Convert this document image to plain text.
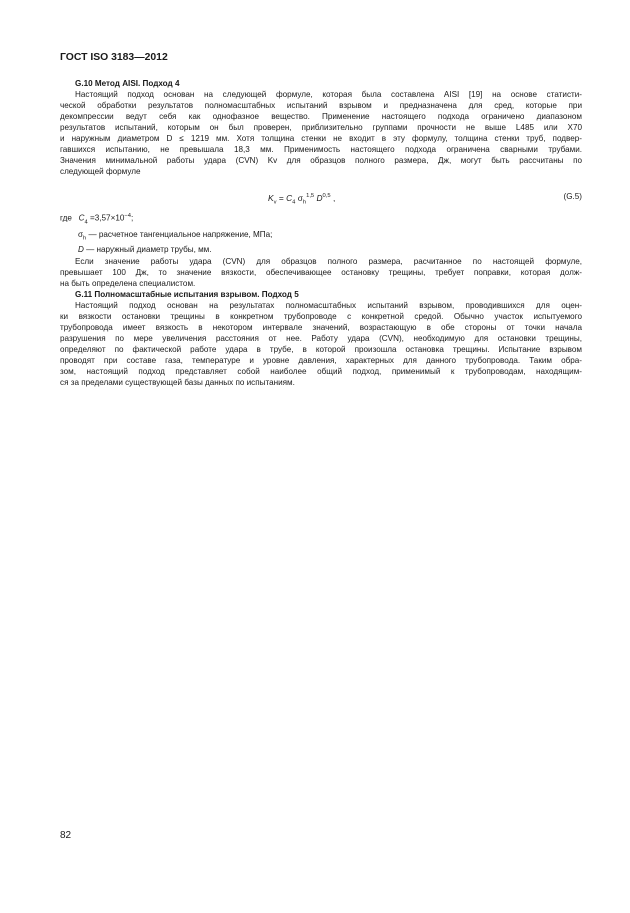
ГОСТ ISO 3183—2012
G.10 Метод AISI. Подход 4
Настоящий подход основан на следующей формуле, которая была составлена AISI [19] на основе статисти-
ческой обработки результатов полномасштабных испытаний взрывом и предназначена для сред, которые при
декомпрессии ведут себя как однофазное вещество. Применение настоящего подхода ограничено диапазоном
результатов испытаний, которым он был проверен, приблизительно группами прочности не выше L485 или X70
и наружным диаметром D ≤ 1219 мм. Хотя толщина стенки не входит в эту формулу, толщина стенки труб, подвер-
гавшихся испытанию, не превышала 18,3 мм. Применимость настоящего подхода ограничена сварными трубами.
Значения минимальной работы удара (CVN) Kv для образцов полного размера, Дж, могут быть рассчитаны по
следующей формуле
$K_v = C_4$ $\sigma_h^{1,5}$ D$^{0,5}$ ,	(G.5)
где $C_4 =3,57\times 10^{-4}$;
$\sigma_h$ — расчетное тангенциальное напряжение, МПа;
D — наружный диаметр трубы, мм.
Если значение работы удара (CVN) для образцов полного размера, расчитанное по настоящей формуле,
превышает 100 Дж, то значение вязкости, обеспечивающее остановку трещины, требует поправки, которая долж-
на быть определена специалистом.
G.11 Полномасштабные испытания взрывом. Подход 5
Настоящий подход основан на результатах полномасштабных испытаний взрывом, проводившихся для оцен-
ки вязкости остановки трещины в конкретном трубопроводе с конкретной средой. Обычно участок испытуемого
трубопровода имеет вязкость в некотором интервале значений, возрастающую в обе стороны от точки начала
разрушения по мере увеличения расстояния от нее. Работу удара (CVN), необходимую для остановки трещины,
определяют по фактической работе удара в трубе, в которой произошла остановка трещины. Испытание взрывом
проводят при составе газа, температуре и уровне давления, характерных для данного трубопровода. Таким обра-
зом, настоящий подход представляет собой наиболее общий подход, применимый к трубопроводам, находящим-
ся за пределами существующей базы данных по испытаниям.
82
